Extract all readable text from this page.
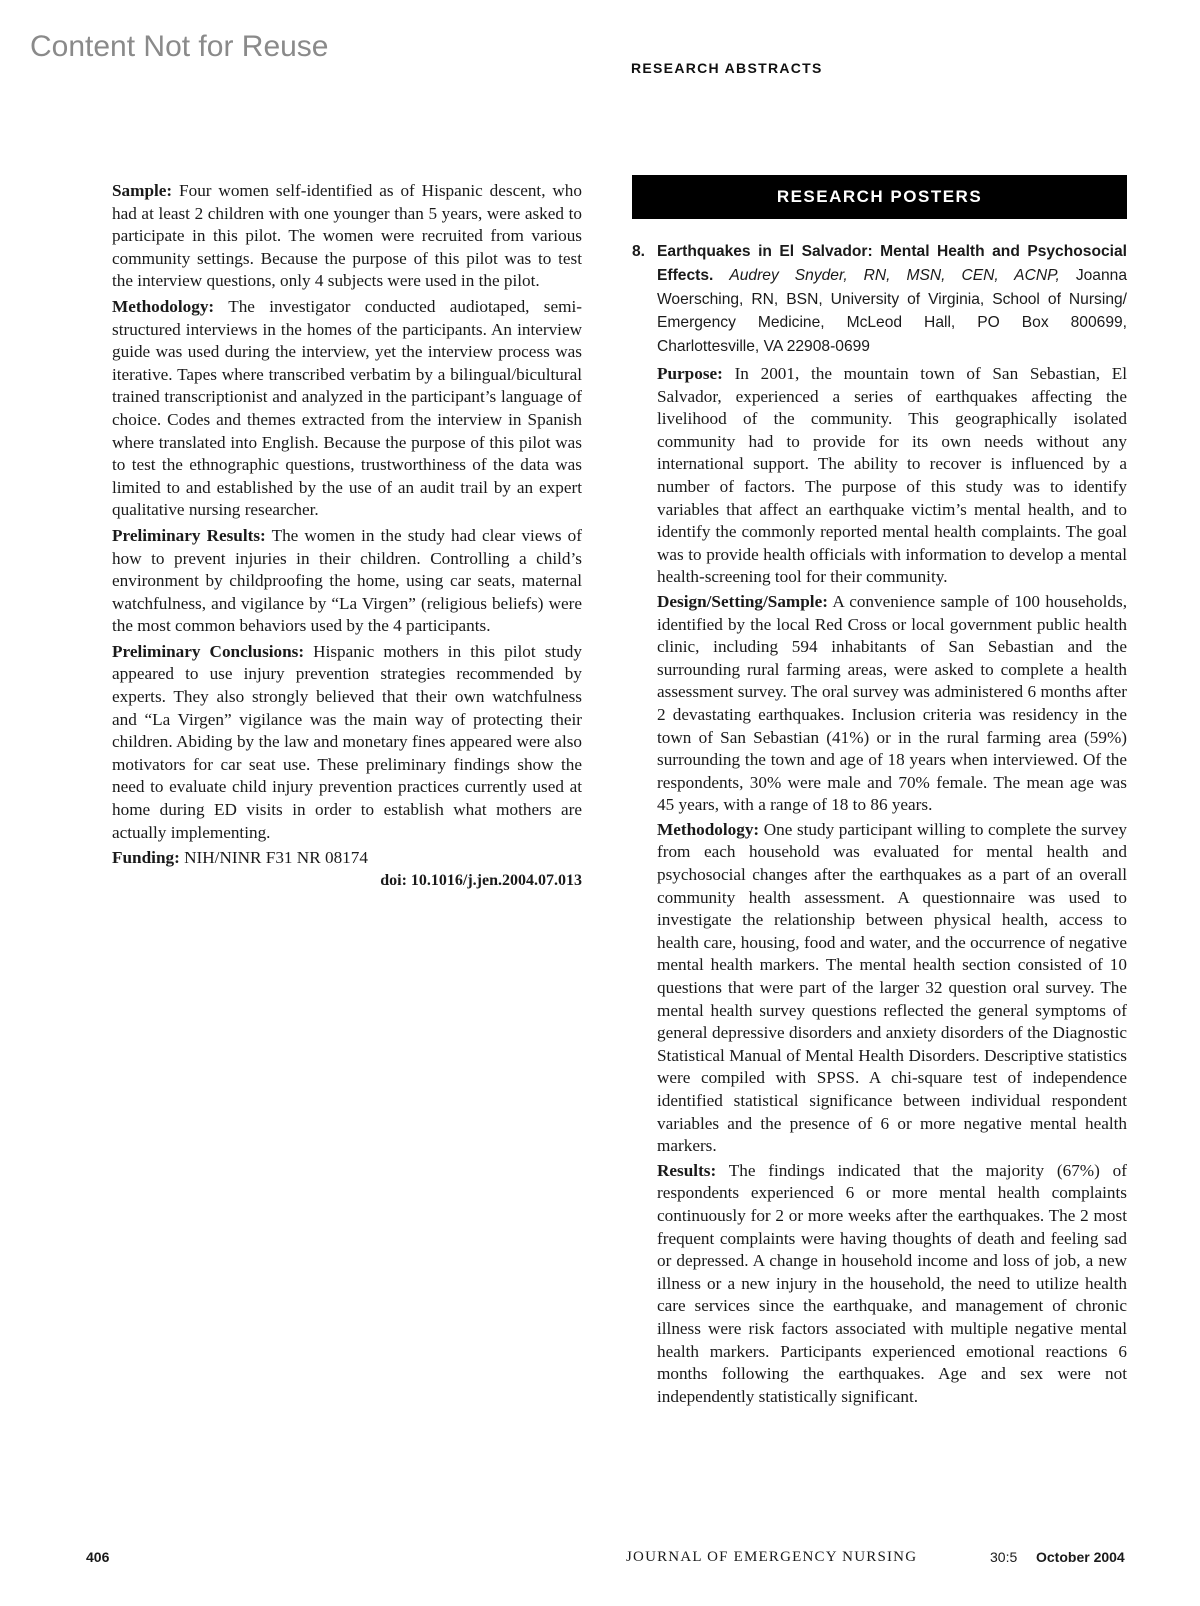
Content Not for Reuse
RESEARCH ABSTRACTS

Sample: Four women self-identified as of Hispanic descent, who had at least 2 children with one younger than 5 years, were asked to participate in this pilot. The women were recruited from various community settings. Because the purpose of this pilot was to test the interview questions, only 4 subjects were used in the pilot.

Methodology: The investigator conducted audiotaped, semi-structured interviews in the homes of the participants. An interview guide was used during the interview, yet the interview process was iterative. Tapes where transcribed verbatim by a bilingual/bicultural trained transcriptionist and analyzed in the participant’s language of choice. Codes and themes extracted from the interview in Spanish where translated into English. Because the purpose of this pilot was to test the ethnographic questions, trustworthiness of the data was limited to and established by the use of an audit trail by an expert qualitative nursing researcher.

Preliminary Results: The women in the study had clear views of how to prevent injuries in their children. Controlling a child’s environment by childproofing the home, using car seats, maternal watchfulness, and vigilance by “La Virgen” (religious beliefs) were the most common behaviors used by the 4 participants.

Preliminary Conclusions: Hispanic mothers in this pilot study appeared to use injury prevention strategies recommended by experts. They also strongly believed that their own watchfulness and “La Virgen” vigilance was the main way of protecting their children. Abiding by the law and monetary fines appeared were also motivators for car seat use. These preliminary findings show the need to evaluate child injury prevention practices currently used at home during ED visits in order to establish what mothers are actually implementing.

Funding: NIH/NINR F31 NR 08174

doi: 10.1016/j.jen.2004.07.013

RESEARCH POSTERS
8. Earthquakes in El Salvador: Mental Health and Psychosocial Effects. Audrey Snyder, RN, MSN, CEN, ACNP, Joanna Woersching, RN, BSN, University of Virginia, School of Nursing/ Emergency Medicine, McLeod Hall, PO Box 800699, Charlottesville, VA 22908-0699

Purpose: In 2001, the mountain town of San Sebastian, El Salvador, experienced a series of earthquakes affecting the livelihood of the community. This geographically isolated community had to provide for its own needs without any international support. The ability to recover is influenced by a number of factors. The purpose of this study was to identify variables that affect an earthquake victim’s mental health, and to identify the commonly reported mental health complaints. The goal was to provide health officials with information to develop a mental health-screening tool for their community.

Design/Setting/Sample: A convenience sample of 100 households, identified by the local Red Cross or local government public health clinic, including 594 inhabitants of San Sebastian and the surrounding rural farming areas, were asked to complete a health assessment survey. The oral survey was administered 6 months after 2 devastating earthquakes. Inclusion criteria was residency in the town of San Sebastian (41%) or in the rural farming area (59%) surrounding the town and age of 18 years when interviewed. Of the respondents, 30% were male and 70% female. The mean age was 45 years, with a range of 18 to 86 years.

Methodology: One study participant willing to complete the survey from each household was evaluated for mental health and psychosocial changes after the earthquakes as a part of an overall community health assessment. A questionnaire was used to investigate the relationship between physical health, access to health care, housing, food and water, and the occurrence of negative mental health markers. The mental health section consisted of 10 questions that were part of the larger 32 question oral survey. The mental health survey questions reflected the general symptoms of general depressive disorders and anxiety disorders of the Diagnostic Statistical Manual of Mental Health Disorders. Descriptive statistics were compiled with SPSS. A chi-square test of independence identified statistical significance between individual respondent variables and the presence of 6 or more negative mental health markers.

Results: The findings indicated that the majority (67%) of respondents experienced 6 or more mental health complaints continuously for 2 or more weeks after the earthquakes. The 2 most frequent complaints were having thoughts of death and feeling sad or depressed. A change in household income and loss of job, a new illness or a new injury in the household, the need to utilize health care services since the earthquake, and management of chronic illness were risk factors associated with multiple negative mental health markers. Participants experienced emotional reactions 6 months following the earthquakes. Age and sex were not independently statistically significant.

406	JOURNAL OF EMERGENCY NURSING	30:5 October 2004
